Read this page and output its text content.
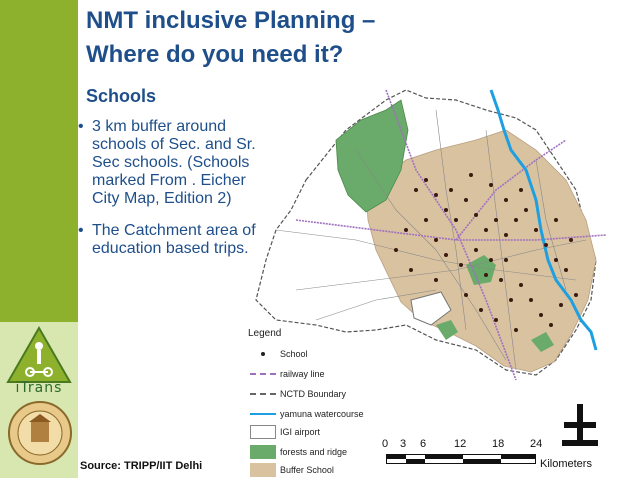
iTrans
NMT inclusive Planning –
Where do you need it?
Schools
• 3 km buffer around schools of Sec. and Sr. Sec schools. (Schools marked From . Eicher City Map, Edition 2)
• The Catchment area of education based trips.
Legend
School
railway line
NCTD Boundary
yamuna watercourse
IGI airport
forests and ridge
Buffer School
0 3 6	12 18 24
Kilometers
Source: TRIPP/IIT Delhi
